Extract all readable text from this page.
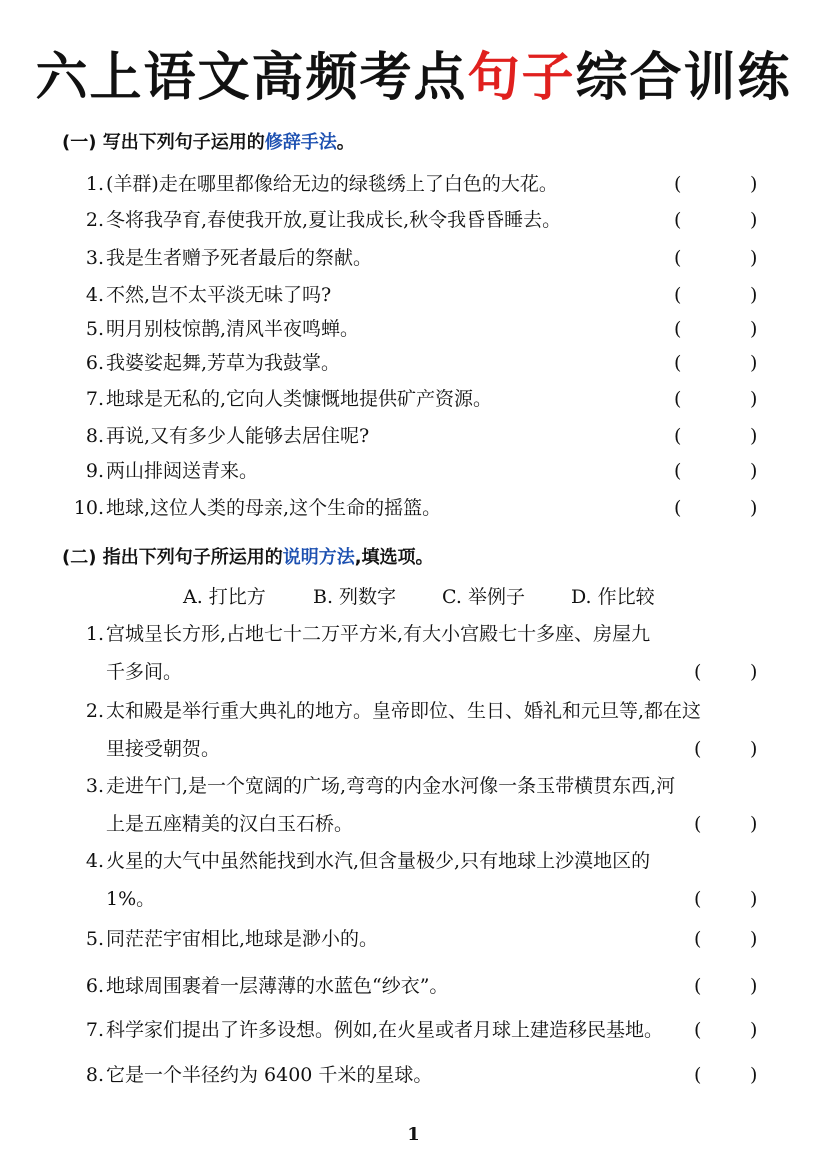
六上语文高频考点句子综合训练
(一) 写出下列句子运用的修辞手法。
1. (羊群)走在哪里都像给无边的绿毯绣上了白色的大花。	(	)
2. 冬将我孕育,春使我开放,夏让我成长,秋令我昏昏睡去。	(	)
3. 我是生者赠予死者最后的祭献。	(	)
4. 不然,岂不太平淡无味了吗?	(	)
5. 明月别枝惊鹊,清风半夜鸣蝉。	(	)
6. 我婆娑起舞,芳草为我鼓掌。	(	)
7. 地球是无私的,它向人类慷慨地提供矿产资源。	(	)
8. 再说,又有多少人能够去居住呢?	(	)
9. 两山排闼送青来。	(	)
10. 地球,这位人类的母亲,这个生命的摇篮。	(	)
(二) 指出下列句子所运用的说明方法,填选项。
A. 打比方 B. 列数字 C. 举例子 D. 作比较
1. 宫城呈长方形,占地七十二万平方米,有大小宫殿七十多座、房屋九
千多间。	(	)
2. 太和殿是举行重大典礼的地方。皇帝即位、生日、婚礼和元旦等,都在这
里接受朝贺。	(	)
3. 走进午门,是一个宽阔的广场,弯弯的内金水河像一条玉带横贯东西,河
上是五座精美的汉白玉石桥。	(	)
4. 火星的大气中虽然能找到水汽,但含量极少,只有地球上沙漠地区的
1%。	(	)
5. 同茫茫宇宙相比,地球是渺小的。	(	)
6. 地球周围裹着一层薄薄的水蓝色“纱衣”。	(	)
7. 科学家们提出了许多设想。例如,在火星或者月球上建造移民基地。 (	)
8. 它是一个半径约为 6400 千米的星球。	(	)
1
